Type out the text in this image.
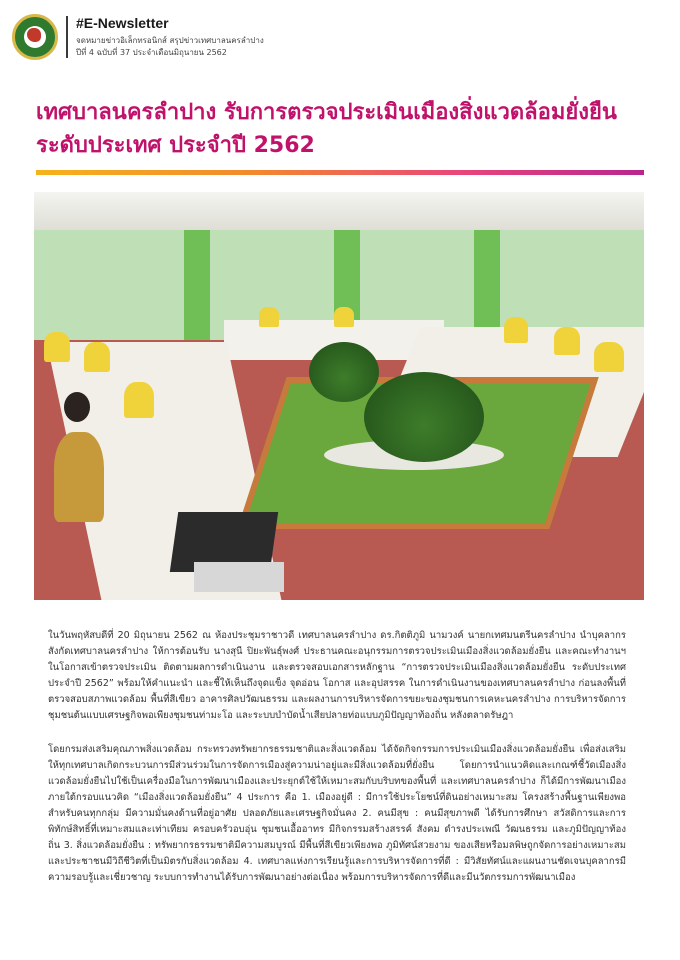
#E-Newsletter
จดหมายข่าวอิเล็กทรอนิกส์ สรุปข่าวเทศบาลนครลำปาง
ปีที่ 4 ฉบับที่ 37 ประจำเดือนมิถุนายน 2562
เทศบาลนครลำปาง รับการตรวจประเมินเมืองสิ่งแวดล้อมยั่งยืน ระดับประเทศ ประจำปี 2562
ในวันพฤหัสบดีที่ 20 มิถุนายน 2562 ณ ห้องประชุมราชาวดี เทศบาลนครลำปาง ดร.กิตติภูมิ นามวงค์ นายกเทศมนตรีนครลำปาง นำบุคลากรสังกัดเทศบาลนครลำปาง ให้การต้อนรับ นางสุนี ปิยะพันธุ์พงศ์ ประธานคณะอนุกรรมการตรวจประเมินเมืองสิ่งแวดล้อมยั่งยืน และคณะทำงานฯ ในโอกาสเข้าตรวจประเมิน ติดตามผลการดำเนินงาน และตรวจสอบเอกสารหลักฐาน “การตรวจประเมินเมืองสิ่งแวดล้อมยั่งยืน ระดับประเทศ ประจำปี 2562” พร้อมให้คำแนะนำ และชี้ให้เห็นถึงจุดแข็ง จุดอ่อน โอกาส และอุปสรรค ในการดำเนินงานของเทศบาลนครลำปาง ก่อนลงพื้นที่ตรวจสอบสภาพแวดล้อม พื้นที่สีเขียว อาคารศิลปวัฒนธรรม และผลงานการบริหารจัดการขยะของชุมชนการเคหะนครลำปาง การบริหารจัดการชุมชนต้นแบบเศรษฐกิจพอเพียงชุมชนท่ามะโอ และระบบบำบัดน้ำเสียปลายท่อแบบภูมิปัญญาท้องถิ่น หลังตลาดรัษฎา
โดยกรมส่งเสริมคุณภาพสิ่งแวดล้อม กระทรวงทรัพยากรธรรมชาติและสิ่งแวดล้อม ได้จัดกิจกรรมการประเมินเมืองสิ่งแวดล้อมยั่งยืน เพื่อส่งเสริมให้ทุกเทศบาลเกิดกระบวนการมีส่วนร่วมในการจัดการเมืองสู่ความน่าอยู่และมีสิ่งแวดล้อมที่ยั่งยืน โดยการนำแนวคิดและเกณฑ์ชี้วัดเมืองสิ่งแวดล้อมยั่งยืนไปใช้เป็นเครื่องมือในการพัฒนาเมืองและประยุกต์ใช้ให้เหมาะสมกับบริบทของพื้นที่ และเทศบาลนครลำปาง ก็ได้มีการพัฒนาเมืองภายใต้กรอบแนวคิด “เมืองสิ่งแวดล้อมยั่งยืน” 4 ประการ คือ 1. เมืองอยู่ดี : มีการใช้ประโยชน์ที่ดินอย่างเหมาะสม โครงสร้างพื้นฐานเพียงพอสำหรับคนทุกกลุ่ม มีความมั่นคงด้านที่อยู่อาศัย ปลอดภัยและเศรษฐกิจมั่นคง 2. คนมีสุข : คนมีสุขภาพดี ได้รับการศึกษา สวัสดิการและการพิทักษ์สิทธิ์ที่เหมาะสมและเท่าเทียม ครอบครัวอบอุ่น ชุมชนเอื้ออาทร มีกิจกรรมสร้างสรรค์ สังคม ดำรงประเพณี วัฒนธรรม และภูมิปัญญาท้องถิ่น 3. สิ่งแวดล้อมยั่งยืน : ทรัพยากรธรรมชาติมีความสมบูรณ์ มีพื้นที่สีเขียวเพียงพอ ภูมิทัศน์สวยงาม ของเสียหรือมลพิษถูกจัดการอย่างเหมาะสม และประชาชนมีวิถีชีวิตที่เป็นมิตรกับสิ่งแวดล้อม 4. เทศบาลแห่งการเรียนรู้และการบริหารจัดการที่ดี : มีวิสัยทัศน์และแผนงานชัดเจนบุคลากรมีความรอบรู้และเชี่ยวชาญ ระบบการทำงานได้รับการพัฒนาอย่างต่อเนื่อง พร้อมการบริหารจัดการที่ดีและมีนวัตกรรมการพัฒนาเมือง
